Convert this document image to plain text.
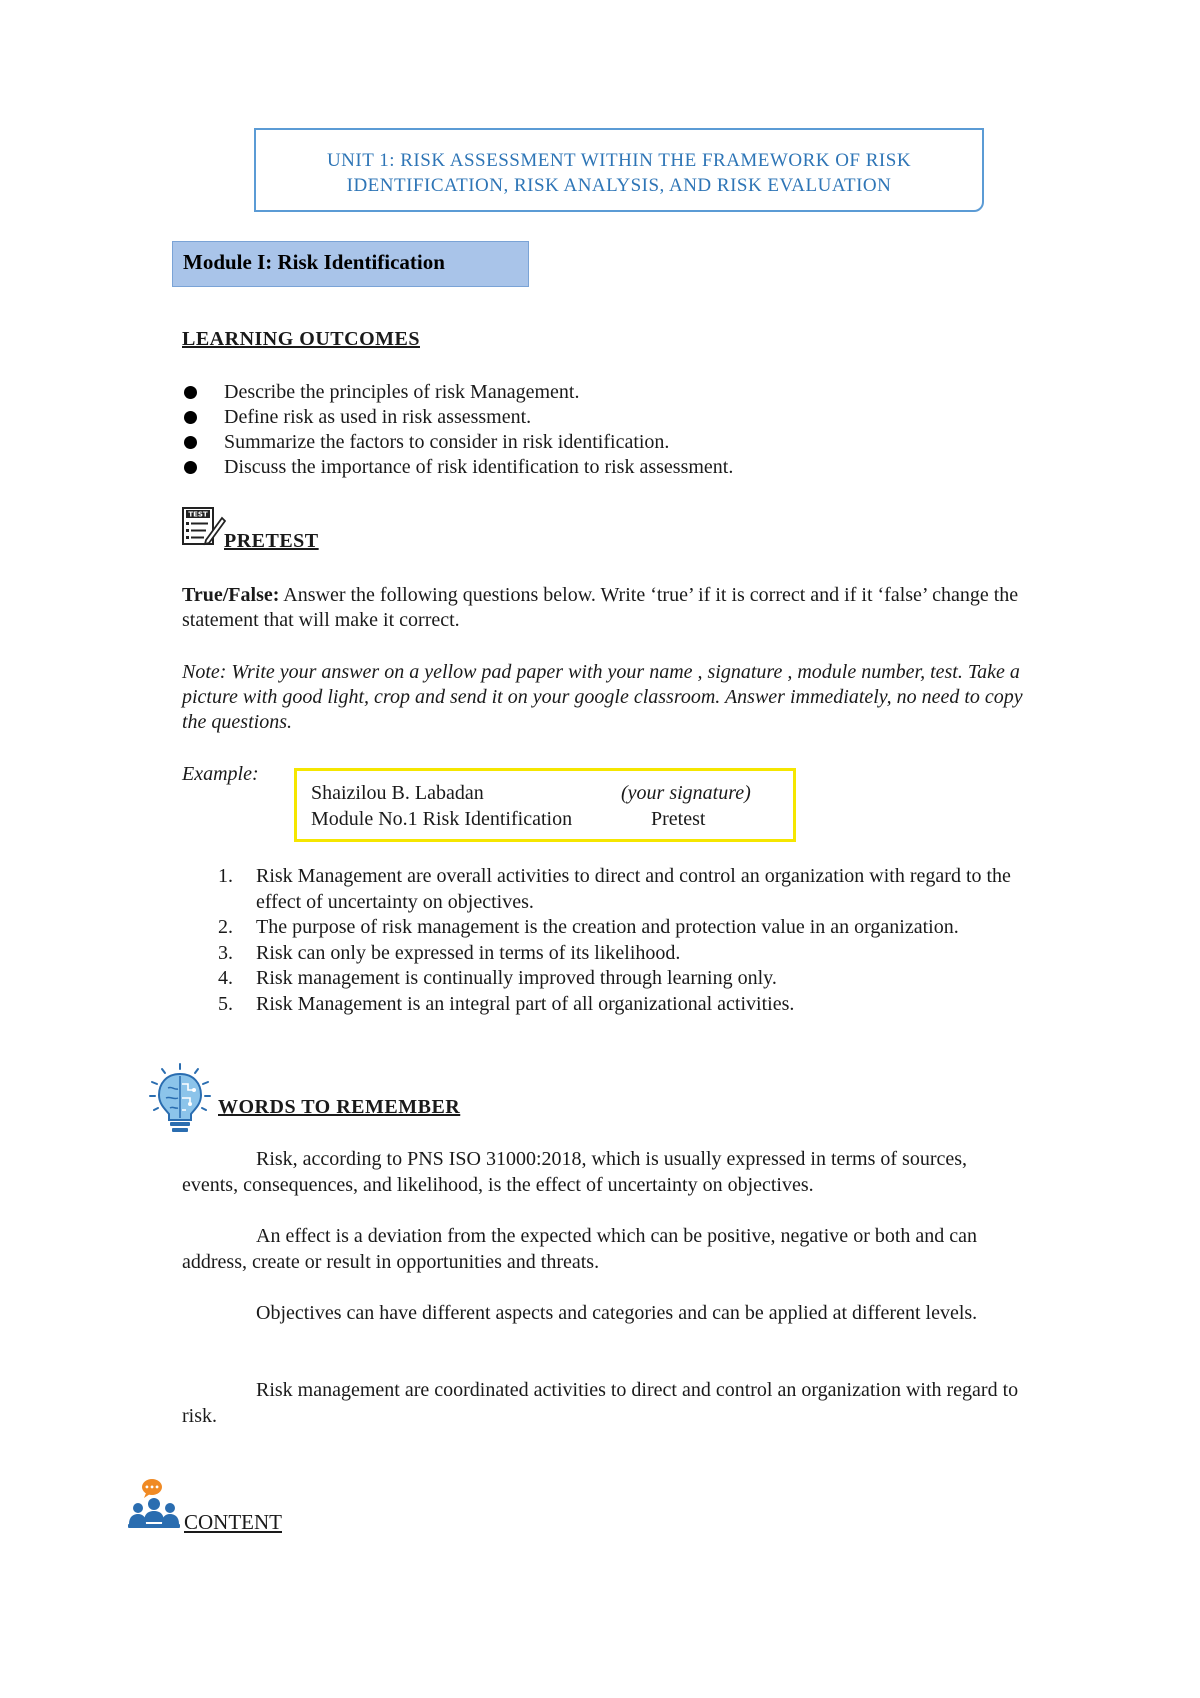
UNIT 1: RISK ASSESSMENT WITHIN THE FRAMEWORK OF RISK
IDENTIFICATION, RISK ANALYSIS, AND RISK EVALUATION
Module I: Risk Identification
LEARNING OUTCOMES
Describe the principles of risk Management.
Define risk as used in risk assessment.
Summarize the factors to consider in risk identification.
Discuss the importance of risk identification to risk assessment.
TEST
PRETEST
True/False: Answer the following questions below. Write ‘true’ if it is correct and if it ‘false’ change the statement that will make it correct.
Note: Write your answer on a yellow pad paper with your name , signature , module number, test. Take a picture with good light, crop and send it on your google classroom. Answer immediately, no need to copy the questions.
Example:
Shaizilou B. Labadan	(your signature)
Module No.1 Risk Identification	Pretest
1. Risk Management are overall activities to direct and control an organization with regard to the effect of uncertainty on objectives.
2. The purpose of risk management is the creation and protection value in an organization.
3. Risk can only be expressed in terms of its likelihood.
4. Risk management is continually improved through learning only.
5. Risk Management is an integral part of all organizational activities.
WORDS TO REMEMBER
Risk, according to PNS ISO 31000:2018, which is usually expressed in terms of sources, events, consequences, and likelihood, is the effect of uncertainty on objectives.
An effect is a deviation from the expected which can be positive, negative or both and can address, create or result in opportunities and threats.
Objectives can have different aspects and categories and can be applied at different levels.
Risk management are coordinated activities to direct and control an organization with regard to risk.
•••
CONTENT
